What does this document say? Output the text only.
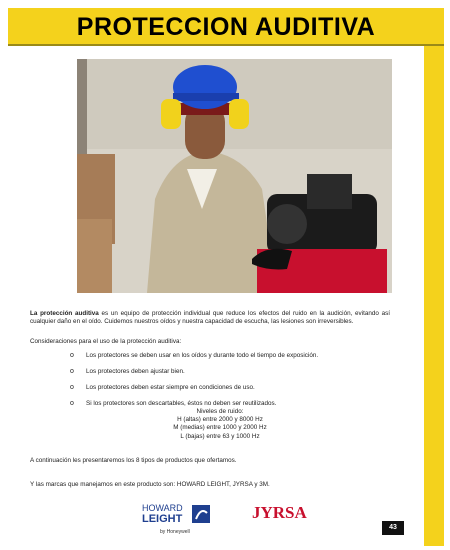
PROTECCION AUDITIVA

La protección auditiva es un equipo de protección individual que reduce los efectos del ruido en la audición, evitando así cualquier daño en el oído. Cuidemos nuestros oídos y nuestra capacidad de escucha, las lesiones son irreversibles.

Consideraciones para el uso de la protección auditiva:
o Los protectores se deben usar en los oídos y durante todo el tiempo de exposición.
o Los protectores deben ajustar bien.
o Los protectores deben estar siempre en condiciones de uso.
o Si los protectores son descartables, éstos no deben ser reutilizados.
Niveles de ruido:
H (altas) entre 2000 y 8000 Hz
M (medias) entre 1000 y 2000 Hz
L (bajas) entre 63 y 1000 Hz
A continuación les presentaremos los 8 tipos de productos que ofertamos.
Y las marcas que manejamos en este producto son: HOWARD LEIGHT, JYRSA y 3M.
HOWARD
LEIGHT
by Honeywell
JYRSA
43
